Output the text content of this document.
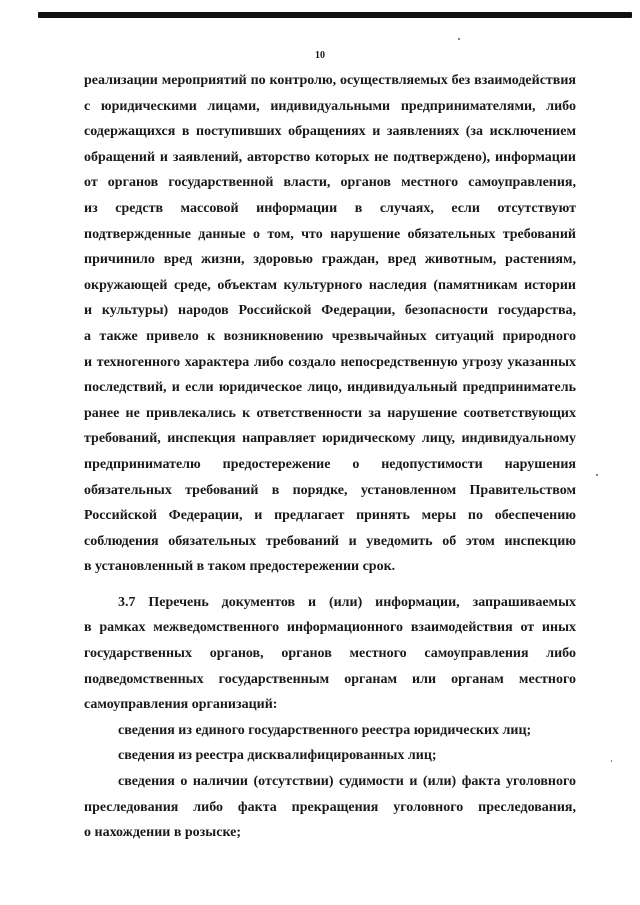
10
реализации мероприятий по контролю, осуществляемых без взаимодействия
с юридическими лицами, индивидуальными предпринимателями, либо
содержащихся в поступивших обращениях и заявлениях (за исключением
обращений и заявлений, авторство которых не подтверждено), информации
от органов государственной власти, органов местного самоуправления,
из средств массовой информации в случаях, если отсутствуют
подтвержденные данные о том, что нарушение обязательных требований
причинило вред жизни, здоровью граждан, вред животным, растениям,
окружающей среде, объектам культурного наследия (памятникам истории
и культуры) народов Российской Федерации, безопасности государства,
а также привело к возникновению чрезвычайных ситуаций природного
и техногенного характера либо создало непосредственную угрозу указанных
последствий, и если юридическое лицо, индивидуальный предприниматель
ранее не привлекались к ответственности за нарушение соответствующих
требований, инспекция направляет юридическому лицу, индивидуальному
предпринимателю предостережение о недопустимости нарушения
обязательных требований в порядке, установленном Правительством
Российской Федерации, и предлагает принять меры по обеспечению
соблюдения обязательных требований и уведомить об этом инспекцию
в установленный в таком предостережении срок.
3.7 Перечень документов и (или) информации, запрашиваемых
в рамках межведомственного информационного взаимодействия от иных
государственных органов, органов местного самоуправления либо
подведомственных государственным органам или органам местного
самоуправления организаций:
сведения из единого государственного реестра юридических лиц;
сведения из реестра дисквалифицированных лиц;
сведения о наличии (отсутствии) судимости и (или) факта уголовного
преследования либо факта прекращения уголовного преследования,
о нахождении в розыске;
